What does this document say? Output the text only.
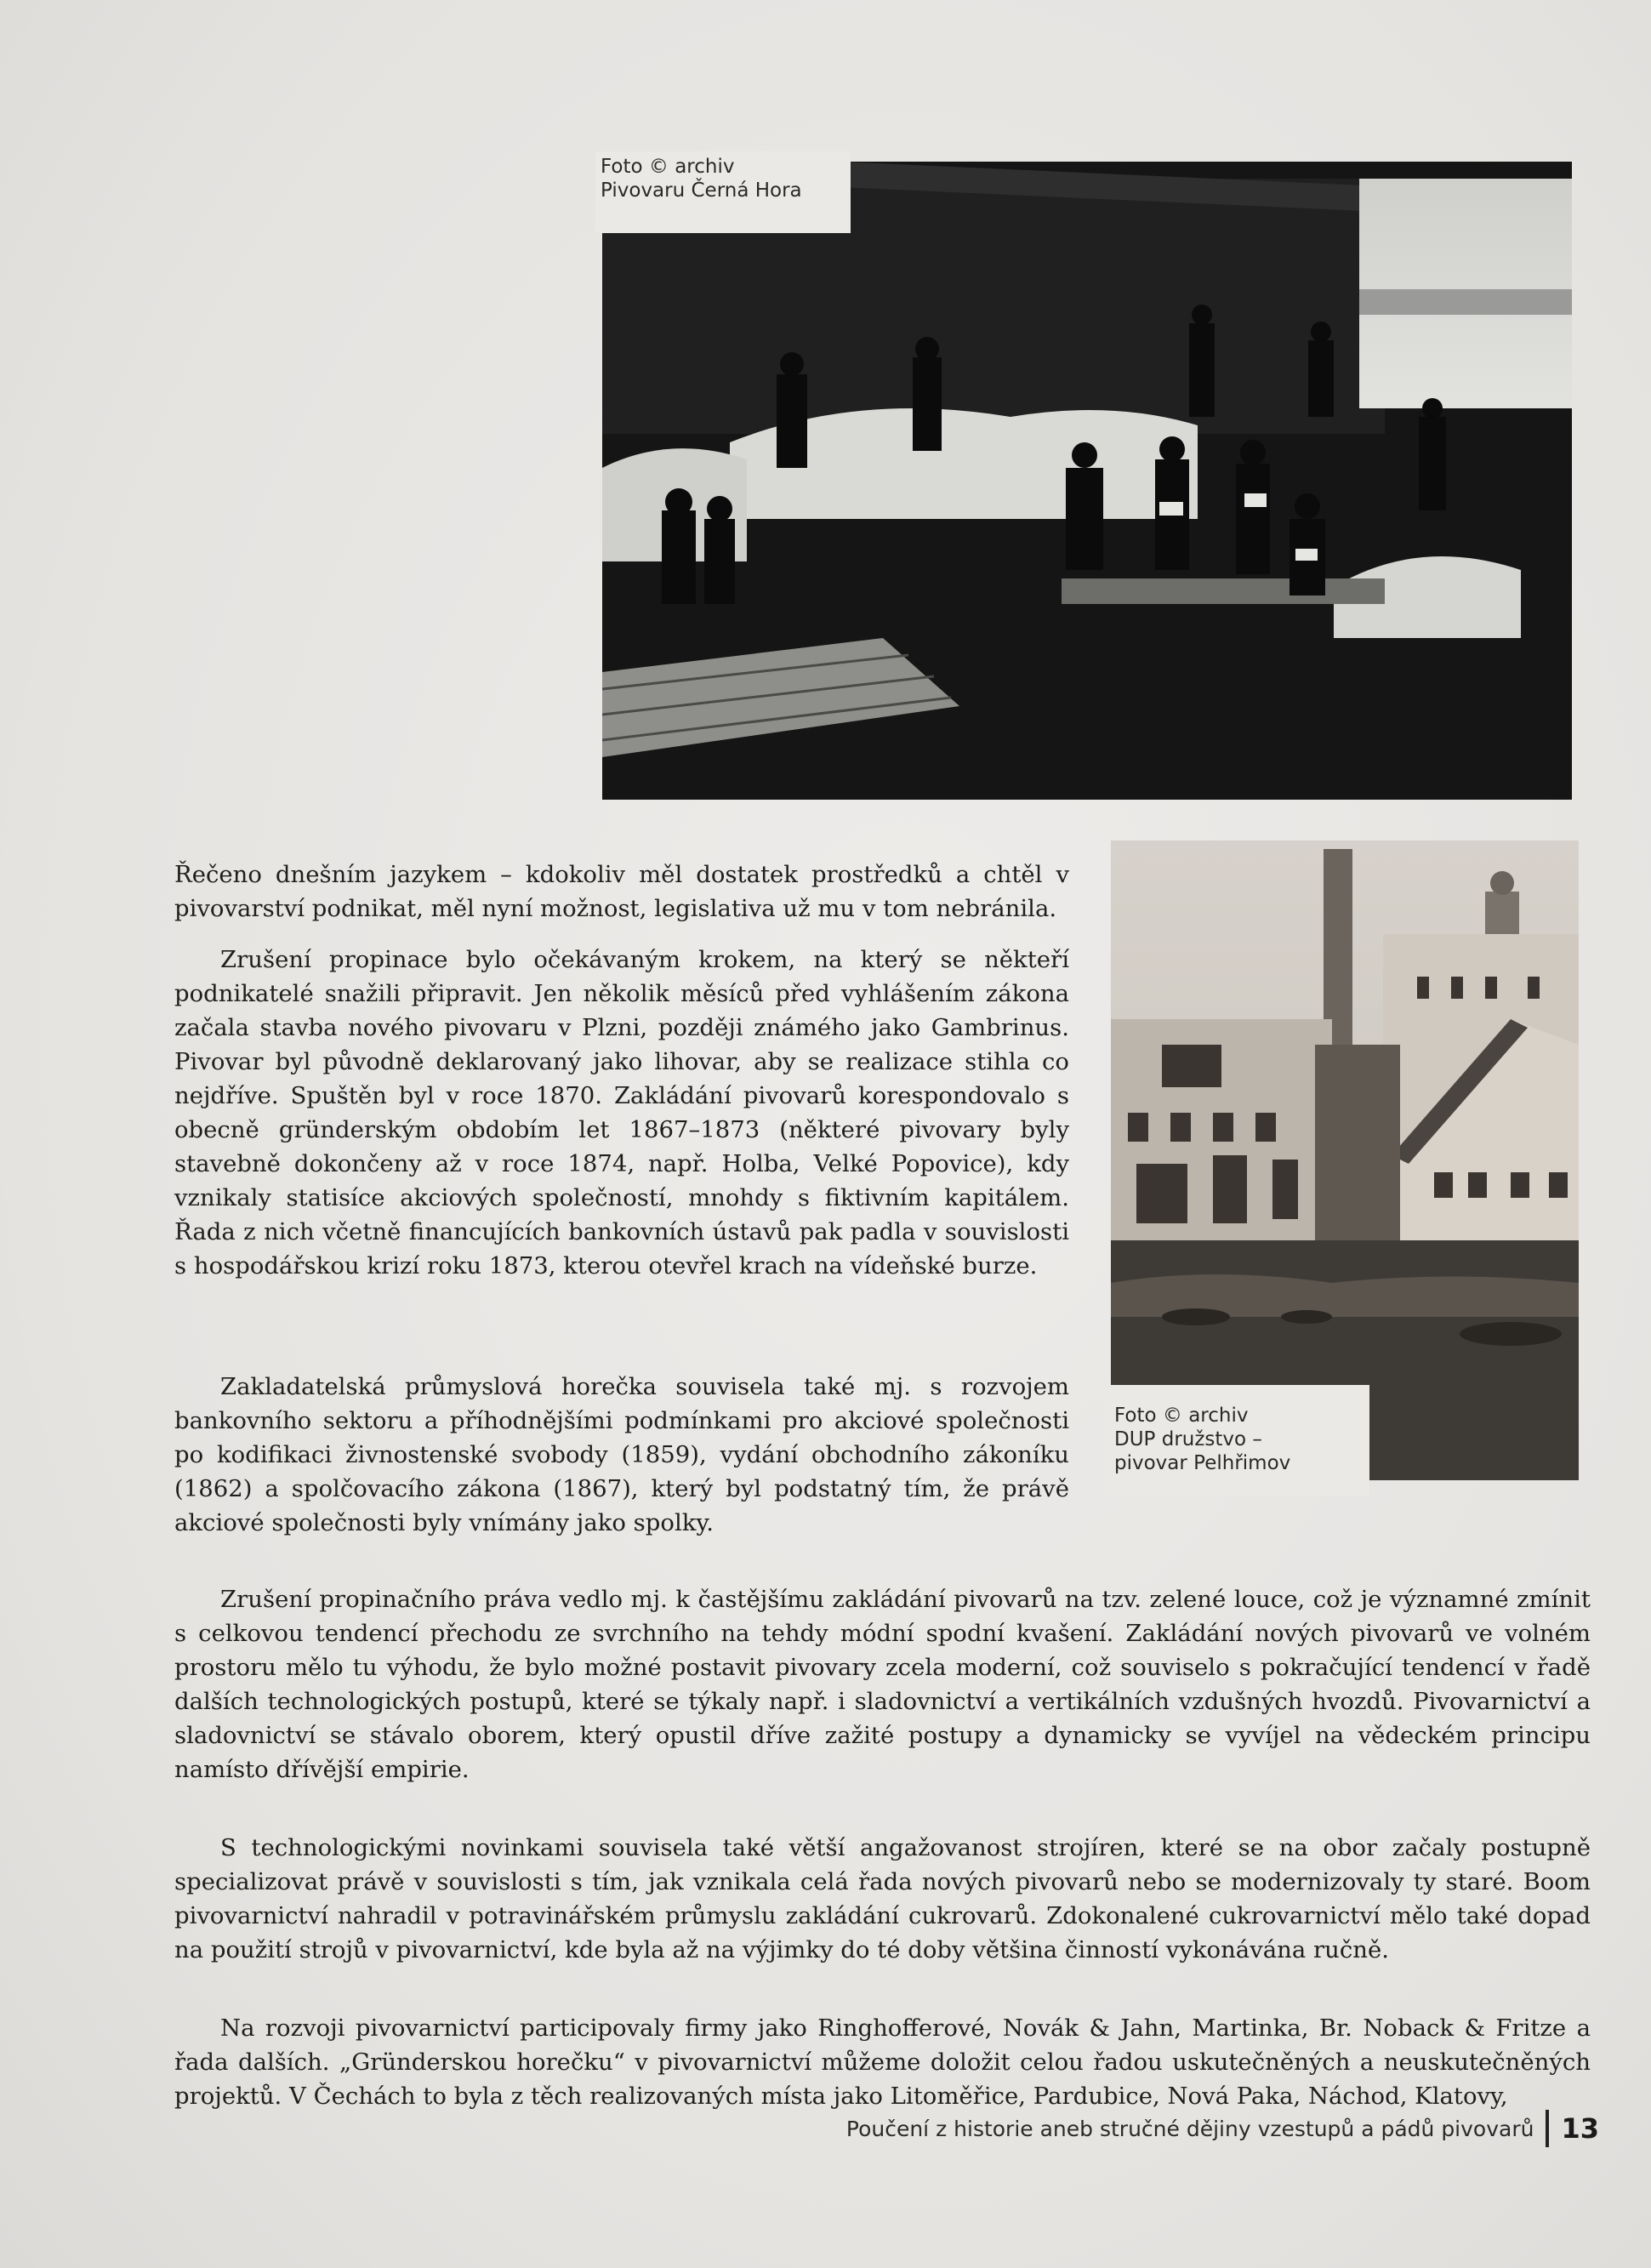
Foto © archiv
Pivovaru Černá Hora
Foto © archiv
DUP družstvo –
pivovar Pelhřimov

Řečeno dnešním jazykem – kdokoliv měl dostatek prostředků a chtěl v pivovarství podnikat, měl nyní možnost, legislativa už mu v tom nebránila.

Zrušení propinace bylo očekávaným krokem, na který se někteří podnikatelé snažili připravit. Jen několik měsíců před vyhlášením zákona začala stavba nového pivovaru v Plzni, později známého jako Gambrinus. Pivovar byl původně deklarovaný jako lihovar, aby se realizace stihla co nejdříve. Spuštěn byl v roce 1870. Zakládání pivovarů korespondovalo s obecně gründerským obdobím let 1867–1873 (některé pivovary byly stavebně dokončeny až v roce 1874, např. Holba, Velké Popovice), kdy vznikaly statisíce akciových společností, mnohdy s fiktivním kapitálem. Řada z nich včetně financujících bankovních ústavů pak padla v souvislosti s hospodářskou krizí roku 1873, kterou otevřel krach na vídeňské burze.

Zakladatelská průmyslová horečka souvisela také mj. s rozvojem bankovního sektoru a příhodnějšími podmínkami pro akciové společnosti po kodifikaci živnostenské svobody (1859), vydání obchodního zákoníku (1862) a spolčovacího zákona (1867), který byl podstatný tím, že právě akciové společnosti byly vnímány jako spolky.

Zrušení propinačního práva vedlo mj. k častějšímu zakládání pivovarů na tzv. zelené louce, což je významné zmínit s celkovou tendencí přechodu ze svrchního na tehdy módní spodní kvašení. Zakládání nových pivovarů ve volném prostoru mělo tu výhodu, že bylo možné postavit pivovary zcela moderní, což souviselo s pokračující tendencí v řadě dalších technologických postupů, které se týkaly např. i sladovnictví a vertikálních vzdušných hvozdů. Pivovarnictví a sladovnictví se stávalo oborem, který opustil dříve zažité postupy a dynamicky se vyvíjel na vědeckém principu namísto dřívější empirie.

S technologickými novinkami souvisela také větší angažovanost strojíren, které se na obor začaly postupně specializovat právě v souvislosti s tím, jak vznikala celá řada nových pivovarů nebo se modernizovaly ty staré. Boom pivovarnictví nahradil v potravinářském průmyslu zakládání cukrovarů. Zdokonalené cukrovarnictví mělo také dopad na použití strojů v pivovarnictví, kde byla až na výjimky do té doby většina činností vykonávána ručně.

Na rozvoji pivovarnictví participovaly firmy jako Ringhofferové, Novák & Jahn, Martinka, Br. Noback & Fritze a řada dalších. „Gründerskou horečku“ v pivovarnictví můžeme doložit celou řadou uskutečněných a neuskutečněných projektů. V Čechách to byla z těch realizovaných místa jako Litoměřice, Pardubice, Nová Paka, Náchod, Klatovy,

Poučení z historie aneb stručné dějiny vzestupů a pádů pivovarů 13
